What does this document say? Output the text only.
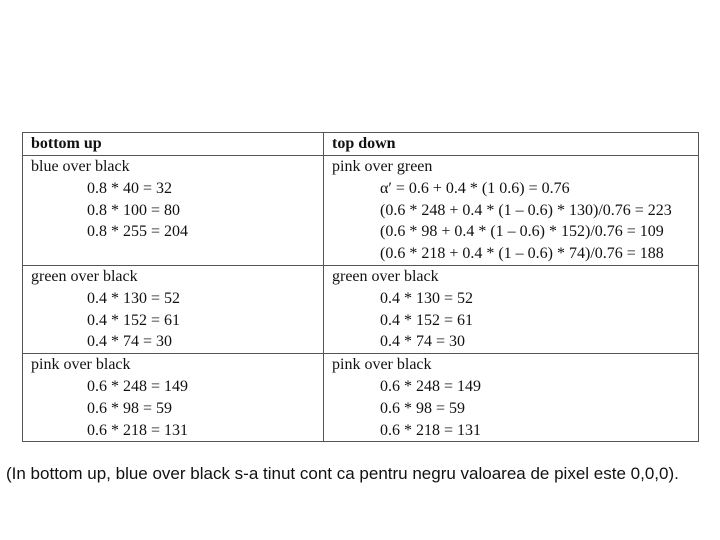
bottom up	top down

blue over black
0.8 * 40 = 32
0.8 * 100 = 80
0.8 * 255 = 204	pink over green
α′ = 0.6 + 0.4 * (1 0.6) = 0.76
(0.6 * 248 + 0.4 * (1 – 0.6) * 130)/0.76 = 223
(0.6 * 98 + 0.4 * (1 – 0.6) * 152)/0.76 = 109
(0.6 * 218 + 0.4 * (1 – 0.6) * 74)/0.76 = 188

green over black
0.4 * 130 = 52
0.4 * 152 = 61
0.4 * 74 = 30	green over black
0.4 * 130 = 52
0.4 * 152 = 61
0.4 * 74 = 30

pink over black
0.6 * 248 = 149
0.6 * 98 = 59
0.6 * 218 = 131	pink over black
0.6 * 248 = 149
0.6 * 98 = 59
0.6 * 218 = 131
(In bottom up, blue over black s-a tinut cont ca pentru negru valoarea de pixel este 0,0,0).
